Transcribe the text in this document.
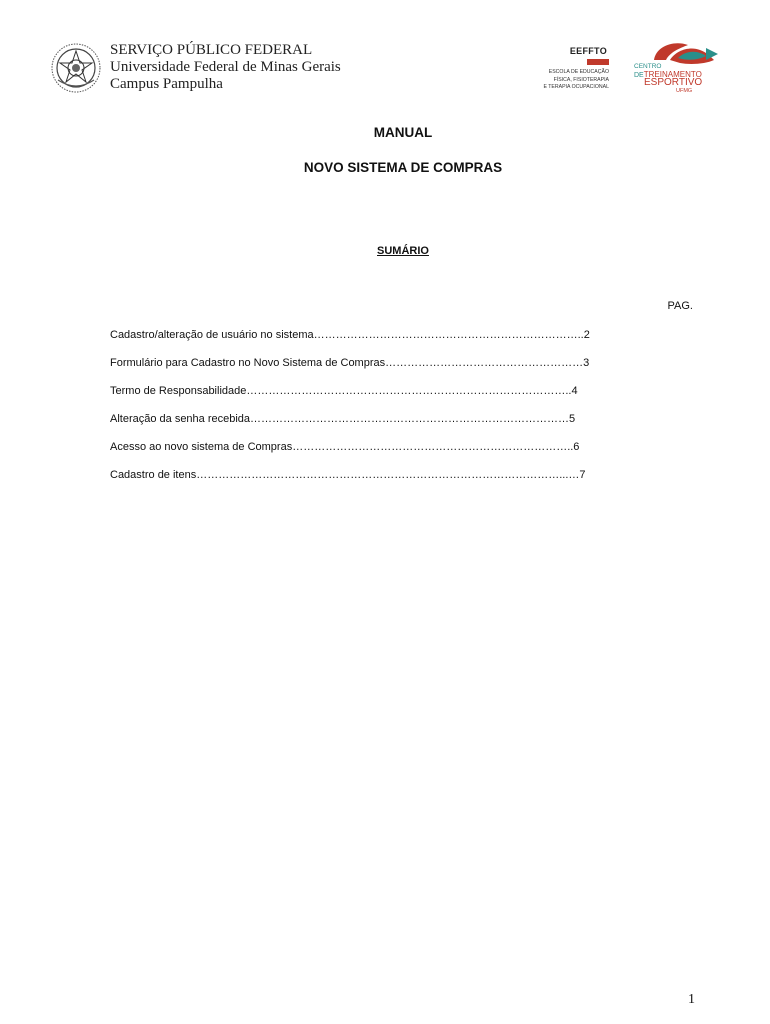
SERVIÇO PÚBLICO FEDERAL
Universidade Federal de Minas Gerais
Campus Pampulha
EEFFTO
ESCOLA DE EDUCAÇÃO
FÍSICA, FISIOTERAPIA
E TERAPIA OCUPACIONAL
CENTRO
DETREINAMENTO
ESPORTIVO
UFMG
MANUAL
NOVO SISTEMA DE COMPRAS
SUMÁRIO
PAG.
Cadastro/alteração de usuário no sistema………………………………………………………………..2
Formulário para Cadastro no Novo Sistema de Compras………………………………………………3
Termo de Responsabilidade……………………………………………………………………………..4
Alteração da senha recebida……………………………………………………………………………5
Acesso ao novo sistema de Compras…………………………………………………………………..6
Cadastro de itens………………………………………………………………………………………...…7
1
